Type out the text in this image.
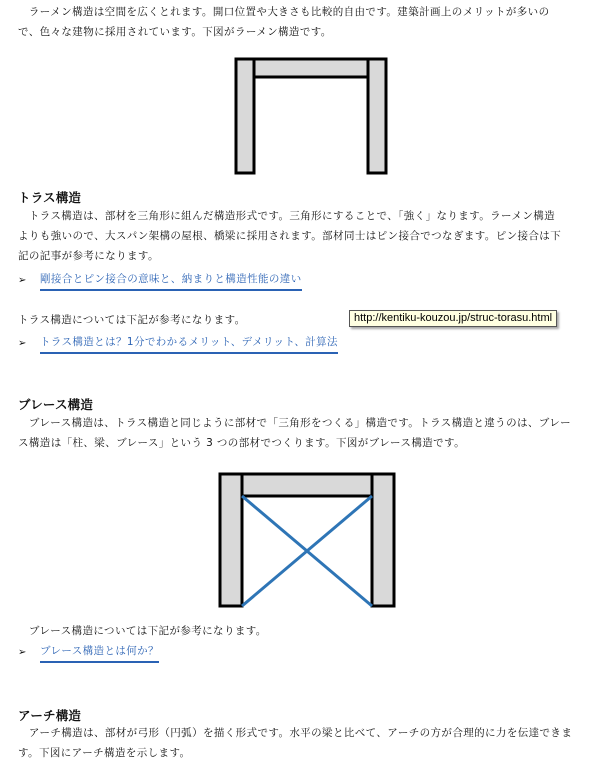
　ラーメン構造は空間を広くとれます。開口位置や大きさも比較的自由です。建築計画上のメリットが多いの

で、色々な建物に採用されています。下図がラーメン構造です。

トラス構造

　トラス構造は、部材を三角形に組んだ構造形式です。三角形にすることで、「強く」なります。ラーメン構造

よりも強いので、大スパン架構の屋根、橋梁に採用されます。部材同士はピン接合でつなぎます。ピン接合は下

記の記事が参考になります。

➢	剛接合とピン接合の意味と、納まりと構造性能の違い

トラス構造については下記が参考になります。

➢	トラス構造とは？1分でわかるメリット、デメリット、計算法
http://kentiku-kouzou.jp/struc-torasu.html
ブレース構造

　ブレース構造は、トラス構造と同じように部材で「三角形をつくる」構造です。トラス構造と違うのは、ブレー

ス構造は「柱、梁、ブレース」という 3 つの部材でつくります。下図がブレース構造です。

　ブレース構造については下記が参考になります。

➢	ブレース構造とは何か？
アーチ構造

　アーチ構造は、部材が弓形（円弧）を描く形式です。水平の梁と比べて、アーチの方が合理的に力を伝達できま

す。下図にアーチ構造を示します。
